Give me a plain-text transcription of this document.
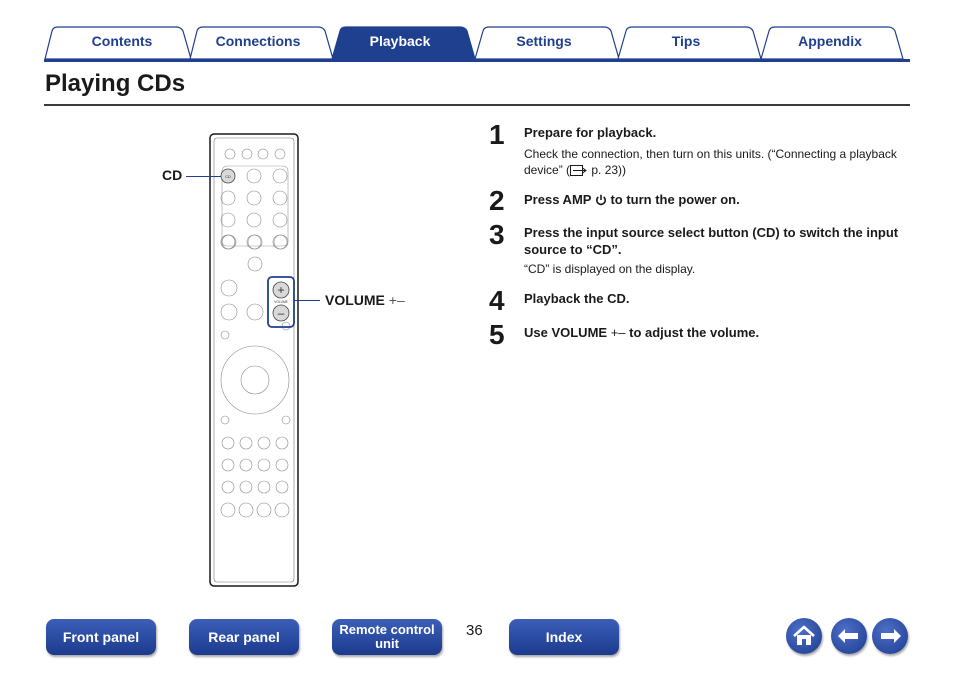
Contents	Connections	Playback	Settings	Tips	Appendix
Playing CDs
CD
+
VOLUME
–
CD
VOLUME +–
1 Prepare for playback.
Check the connection, then turn on this units. (“Connecting a playback device” ( p. 23))
2 Press AMP  to turn the power on.
3 Press the input source select button (CD) to switch the input source to “CD”.
“CD” is displayed on the display.
4 Playback the CD.
5 Use VOLUME +– to adjust the volume.
Front panel	Rear panel	Remote control
unit
36	Index
